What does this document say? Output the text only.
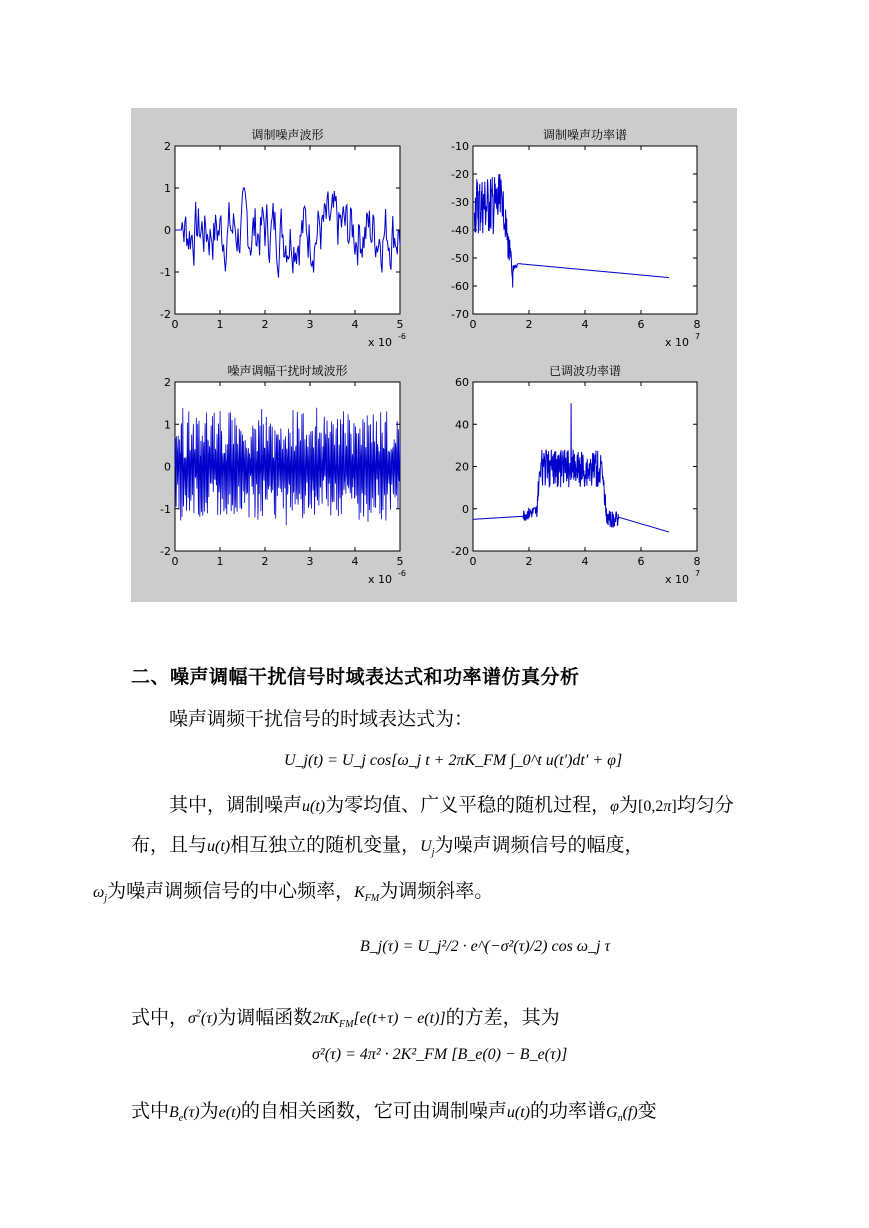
调制噪声波形
2
1
0
-1
-2
0	1	2	3	4	5
x 10 -6
调制噪声功率谱
-10
-20
-30
-40
-50
-60
-70
0	2	4	6	8
x 10 7
噪声调幅干扰时域波形
2
1
0
-1
-2
0	1	2	3	4	5
x 10 -6
已调波功率谱
60
40
20
0
-20
0	2	4	6	8
x 10 7
二、噪声调幅干扰信号时域表达式和功率谱仿真分析
噪声调频干扰信号的时域表达式为：
U_j(t) = U_j cos[ω_j t + 2πK_FM ∫_0^t u(t′)dt′ + φ]
其中，调制噪声u(t)为零均值、广义平稳的随机过程，φ为[0,2π]均匀分布，且与u(t)相互独立的随机变量，$U_j$为噪声调频信号的幅度，
$\omega_j$为噪声调频信号的中心频率，$K_{FM}$为调频斜率。
B_j(τ) = U_j²/2 · e^(−σ²(τ)/2) cos ω_j τ
式中，$\sigma^2(\tau)$为调幅函数$2\pi K_{FM}[e(t+\tau) - e(t)]$的方差，其为
σ²(τ) = 4π² · 2K²_FM [B_e(0) − B_e(τ)]
式中$B_e(\tau)$为e(t)的自相关函数，它可由调制噪声u(t)的功率谱$G_n(f)$变
